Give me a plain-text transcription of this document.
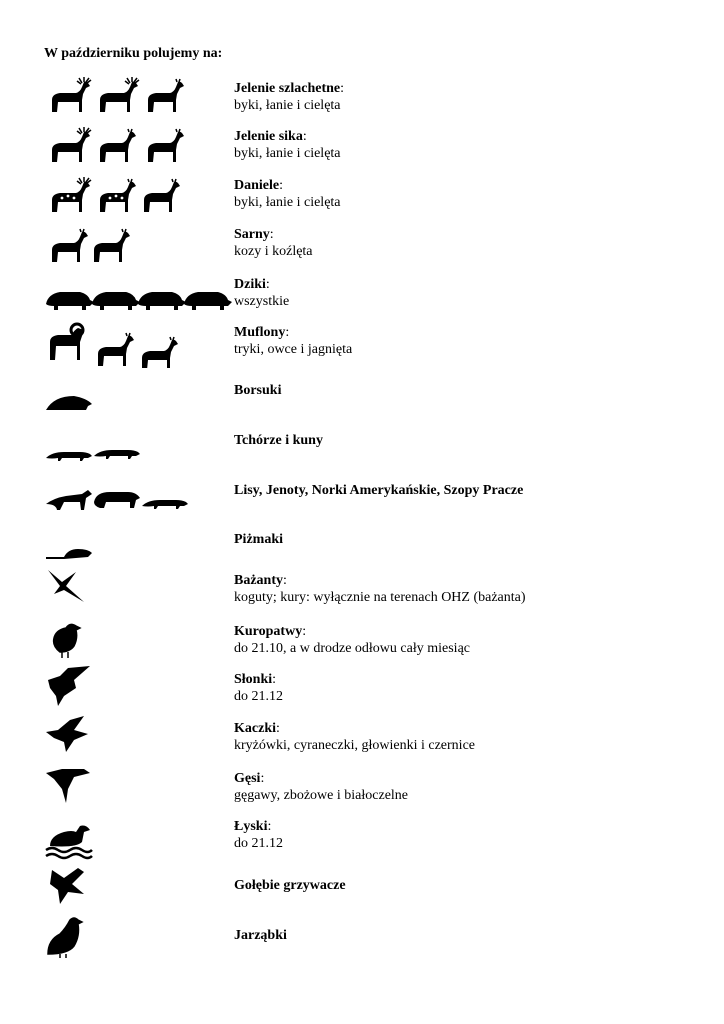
W październiku polujemy na:
Jelenie szlachetne:
byki, łanie i cielęta
Jelenie sika:
byki, łanie i cielęta
Daniele:
byki, łanie i cielęta
Sarny:
kozy i koźlęta
Dziki:
wszystkie
Muflony:
tryki, owce i jagnięta
Borsuki
Tchórze i kuny
Lisy, Jenoty, Norki Amerykańskie, Szopy Pracze
Piżmaki
Bażanty:
koguty; kury: wyłącznie na terenach OHZ (bażanta)
Kuropatwy:
do 21.10, a w drodze odłowu cały miesiąc
Słonki:
do 21.12
Kaczki:
kryżówki, cyraneczki, głowienki i czernice
Gęsi:
gęgawy, zbożowe i białoczelne
Łyski:
do 21.12
Gołębie grzywacze
Jarząbki
